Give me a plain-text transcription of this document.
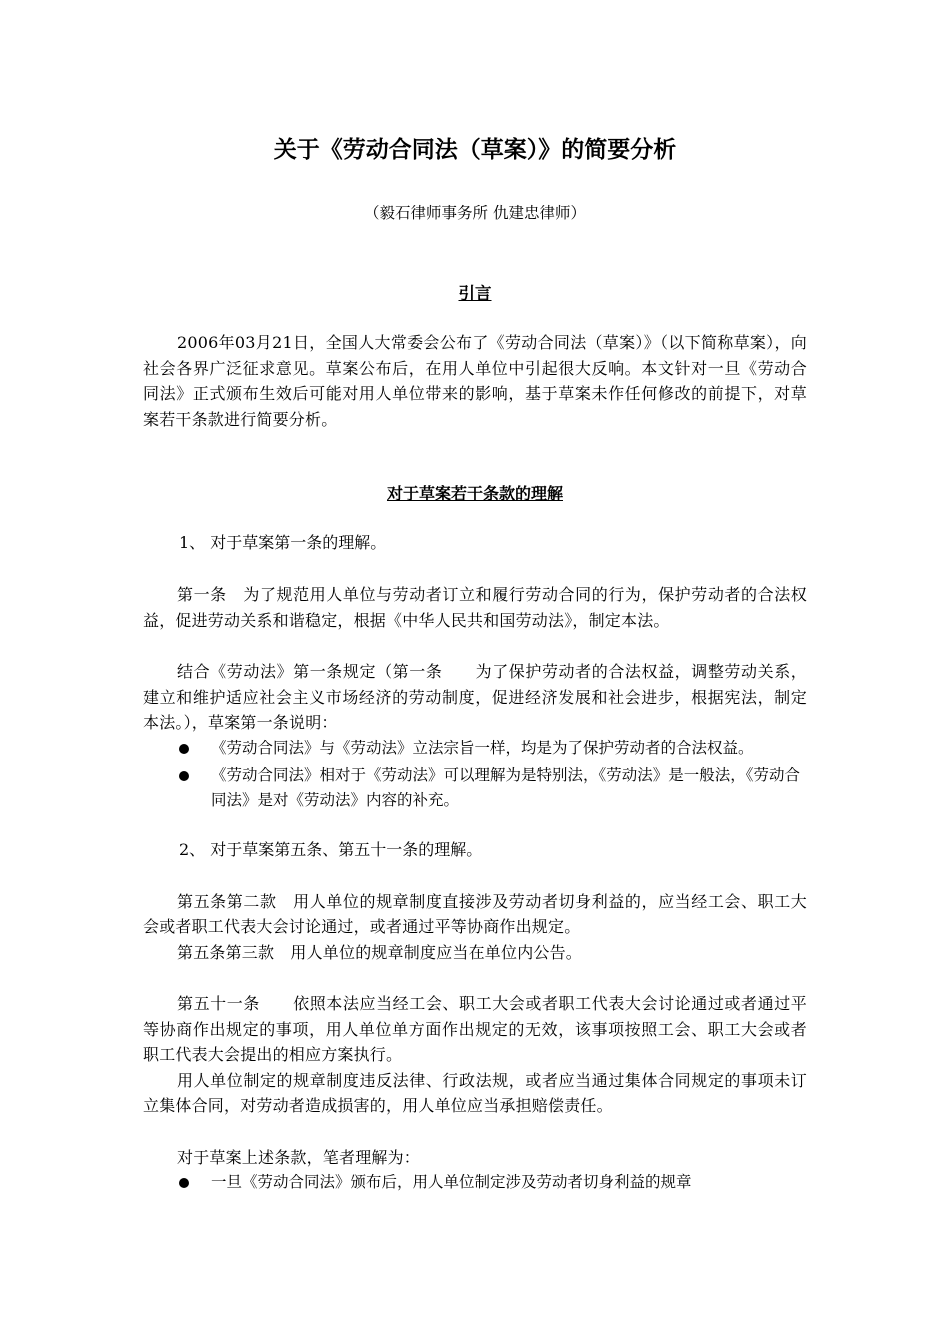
关于《劳动合同法（草案）》的简要分析
（毅石律师事务所 仇建忠律师）
引言

2006年03月21日，全国人大常委会公布了《劳动合同法（草案）》（以下简称草案），向社会各界广泛征求意见。草案公布后，在用人单位中引起很大反响。本文针对一旦《劳动合同法》正式颁布生效后可能对用人单位带来的影响，基于草案未作任何修改的前提下，对草案若干条款进行简要分析。

对于草案若干条款的理解
1、 对于草案第一条的理解。

第一条　为了规范用人单位与劳动者订立和履行劳动合同的行为，保护劳动者的合法权益，促进劳动关系和谐稳定，根据《中华人民共和国劳动法》，制定本法。

结合《劳动法》第一条规定（第一条　　为了保护劳动者的合法权益，调整劳动关系，建立和维护适应社会主义市场经济的劳动制度，促进经济发展和社会进步，根据宪法，制定本法。），草案第一条说明：

《劳动合同法》与《劳动法》立法宗旨一样，均是为了保护劳动者的合法权益。
《劳动合同法》相对于《劳动法》可以理解为是特别法，《劳动法》是一般法，《劳动合同法》是对《劳动法》内容的补充。
2、 对于草案第五条、第五十一条的理解。

第五条第二款　用人单位的规章制度直接涉及劳动者切身利益的，应当经工会、职工大会或者职工代表大会讨论通过，或者通过平等协商作出规定。

第五条第三款　用人单位的规章制度应当在单位内公告。

第五十一条　　依照本法应当经工会、职工大会或者职工代表大会讨论通过或者通过平等协商作出规定的事项，用人单位单方面作出规定的无效，该事项按照工会、职工大会或者职工代表大会提出的相应方案执行。

用人单位制定的规章制度违反法律、行政法规，或者应当通过集体合同规定的事项未订立集体合同，对劳动者造成损害的，用人单位应当承担赔偿责任。

对于草案上述条款，笔者理解为：

一旦《劳动合同法》颁布后，用人单位制定涉及劳动者切身利益的规章
